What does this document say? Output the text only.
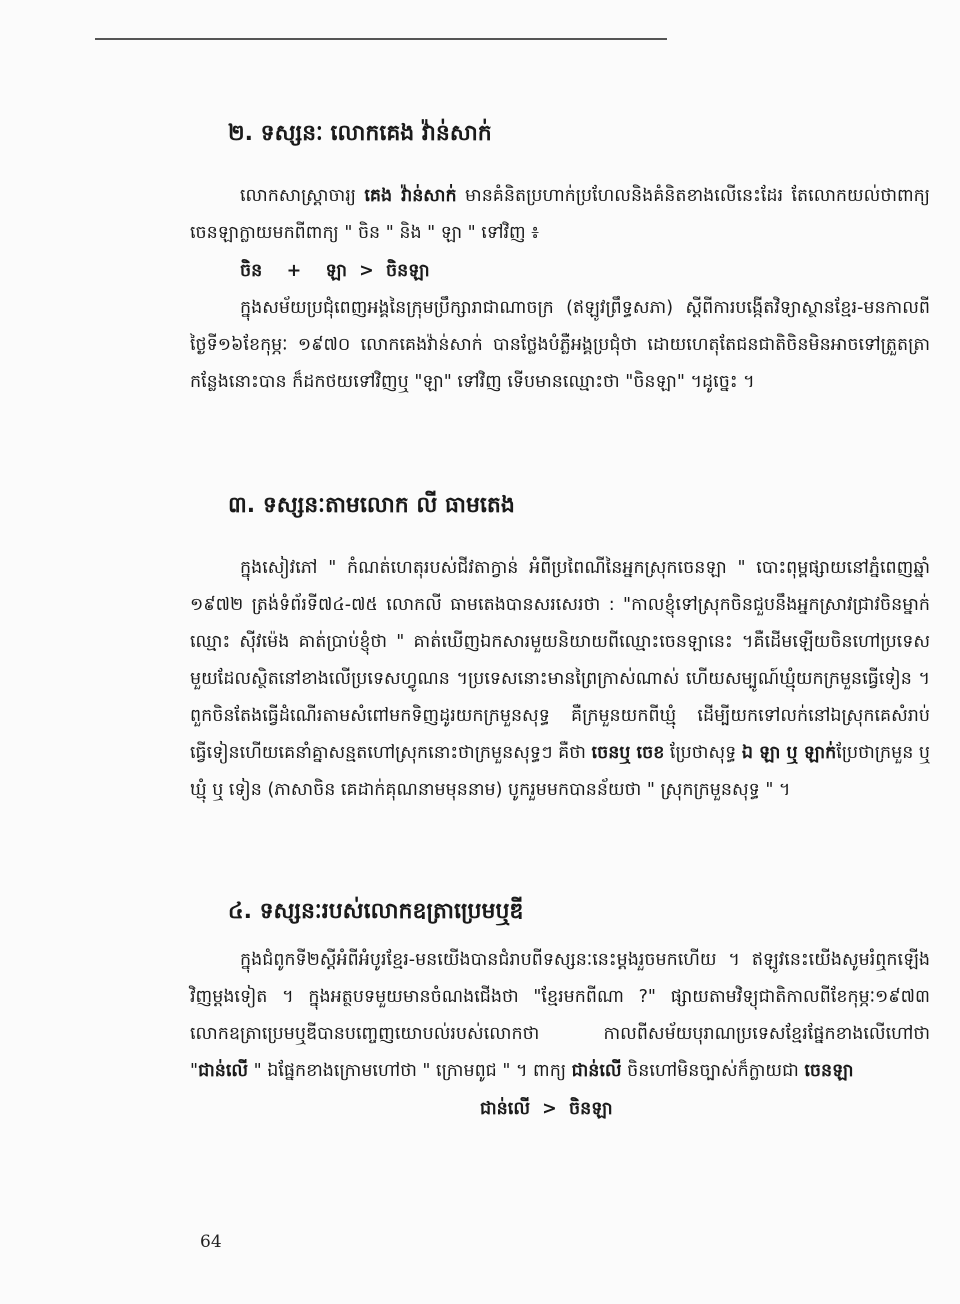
២. ទស្សនៈ លោកគេង វ៉ាន់សាក់

លោកសាស្ត្រាចារ្យ គេង វ៉ាន់សាក់ មានគំនិតប្រហាក់ប្រហែលនិងគំនិតខាងលើនេះដែរ តែលោកយល់ថាពាក្យចេនឡាក្លាយមកពីពាក្យ " ចិន " និង " ឡា " ទៅវិញ ៖

ចិន    +    ឡា  >  ចិនឡា

ក្នុងសម័យប្រជុំពេញអង្គនៃក្រុមប្រឹក្សារាជាណាចក្រ (ឥឡូវព្រឹទ្ធសភា) ស្ដីពីការបង្កើតវិទ្យាស្ថានខ្មែរ-មនកាលពីថ្ងៃទី១៦ខែកុម្ភៈ ១៩៧០ លោកគេងវ៉ាន់សាក់ បានថ្លែងបំភ្លឺអង្គប្រជុំថា ដោយហេតុតែជនជាតិចិនមិនអាចទៅត្រួតត្រាកន្លែងនោះបាន ក៏ដកថយទៅវិញឬ "ឡា" ទៅវិញ ទើបមានឈ្មោះថា "ចិនឡា" ។ដូច្នេះ ។

៣. ទស្សនៈតាមលោក លី ធាមតេង

ក្នុងសៀវភៅ " កំណត់ហេតុរបស់ជីវតាក្វាន់ អំពីប្រពៃណីនៃអ្នកស្រុកចេនឡា " បោះពុម្ពផ្សាយនៅភ្នំពេញឆ្នាំ ១៩៧២ ត្រង់ទំព័រទី៧៤-៧៥ លោកលី ធាមតេងបានសរសេរថា : "កាលខ្ញុំទៅស្រុកចិនជួបនឹងអ្នកស្រាវជ្រាវចិនម្នាក់ឈ្មោះ ស៊ីវម៉េង គាត់ប្រាប់ខ្ញុំថា " គាត់ឃើញឯកសារមួយនិយាយពីឈ្មោះចេនឡានេះ ។គឺដើមឡើយចិនហៅប្រទេសមួយដែលស្ថិតនៅខាងលើប្រទេសហ្វូណន ។ប្រទេសនោះមានព្រៃក្រាស់ណាស់ ហើយសម្បូណ៍ឃ្មុំយកក្រមួនធ្វើទៀន ។ ពួកចិនតែងធ្វើដំណើរតាមសំពៅមកទិញដូរយកក្រមួនសុទ្ធ គឺក្រមួនយកពីឃ្មុំ ដើម្បីយកទៅលក់នៅឯស្រុកគេសំរាប់ធ្វើទៀនហើយគេនាំគ្នាសន្មតហៅស្រុកនោះថាក្រមួនសុទ្ធៗ គឺថា ចេនឬ ចេខ ប្រែថាសុទ្ធ ឯ ឡា ឬ ឡាក់ប្រែថាក្រមួន ឬ ឃ្មុំ ឬ ទៀន (ភាសាចិន គេដាក់គុណនាមមុននាម) បូករួមមកបានន័យថា " ស្រុកក្រមួនសុទ្ធ " ។

៤. ទស្សនៈរបស់លោកឧត្រាប្រេមឬឌី

ក្នុងជំពូកទី២ស្ដីអំពីអំបូរខ្មែរ-មនយើងបានជំរាបពីទស្សនៈនេះម្ដងរួចមកហើយ ។ ឥឡូវនេះយើងសូមរំឮកឡើងវិញម្ដងទៀត ។ ក្នុងអត្ថបទមួយមានចំណងជើងថា "ខ្មែរមកពីណា ?" ផ្សាយតាមវិទ្យុជាតិកាលពីខែកុម្ភៈ១៩៧៣ លោកឧត្រាប្រេមឬឌីបានបញ្ចេញយោបល់របស់លោកថា កាលពីសម័យបុរាណប្រទេសខ្មែរផ្នែកខាងលើហៅថា "ជាន់លើ " ឯផ្នែកខាងក្រោមហៅថា " ក្រោមពូជ " ។ ពាក្យ ជាន់លើ ចិនហៅមិនច្បាស់ក៏ក្លាយជា ចេនឡា

ជាន់លើ  >  ចិនឡា
64
